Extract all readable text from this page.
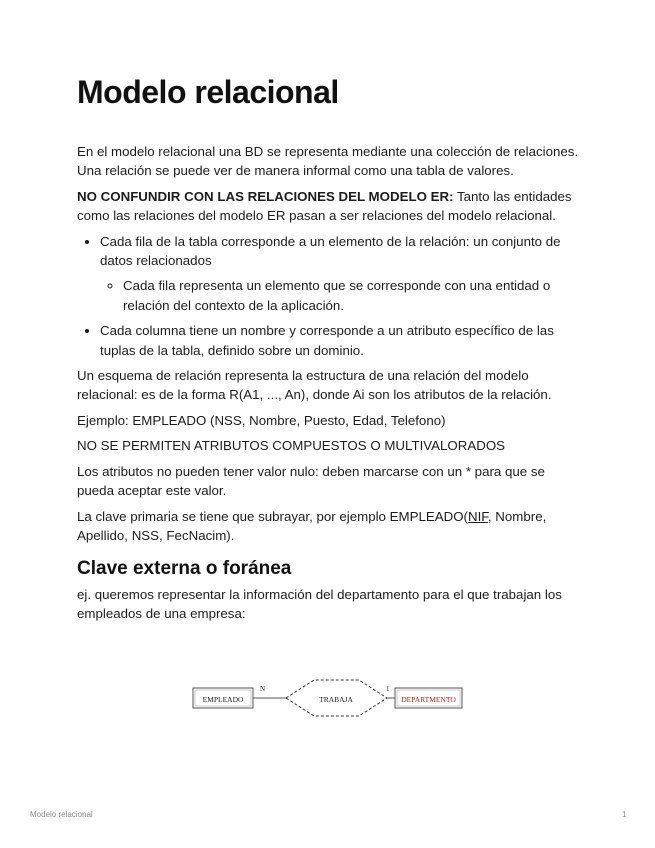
Modelo relacional

En el modelo relacional una BD se representa mediante una colección de relaciones. Una relación se puede ver de manera informal como una tabla de valores.

NO CONFUNDIR CON LAS RELACIONES DEL MODELO ER: Tanto las entidades como las relaciones del modelo ER pasan a ser relaciones del modelo relacional.

• Cada fila de la tabla corresponde a un elemento de la relación: un conjunto de datos relacionados
◦ Cada fila representa un elemento que se corresponde con una entidad o relación del contexto de la aplicación.
• Cada columna tiene un nombre y corresponde a un atributo específico de las tuplas de la tabla, definido sobre un dominio.

Un esquema de relación representa la estructura de una relación del modelo relacional: es de la forma R(A1, ..., An), donde Ai son los atributos de la relación.

Ejemplo: EMPLEADO (NSS, Nombre, Puesto, Edad, Telefono)

NO SE PERMITEN ATRIBUTOS COMPUESTOS O MULTIVALORADOS

Los atributos no pueden tener valor nulo: deben marcarse con un * para que se pueda aceptar este valor.

La clave primaria se tiene que subrayar, por ejemplo EMPLEADO(NIF, Nombre, Apellido, NSS, FecNacim).

Clave externa o foránea

ej. queremos representar la información del departamento para el que trabajan los empleados de una empresa:

EMPLEADO
N
TRABAJA
1
DEPARTMENTO
Modelo relacional	1
